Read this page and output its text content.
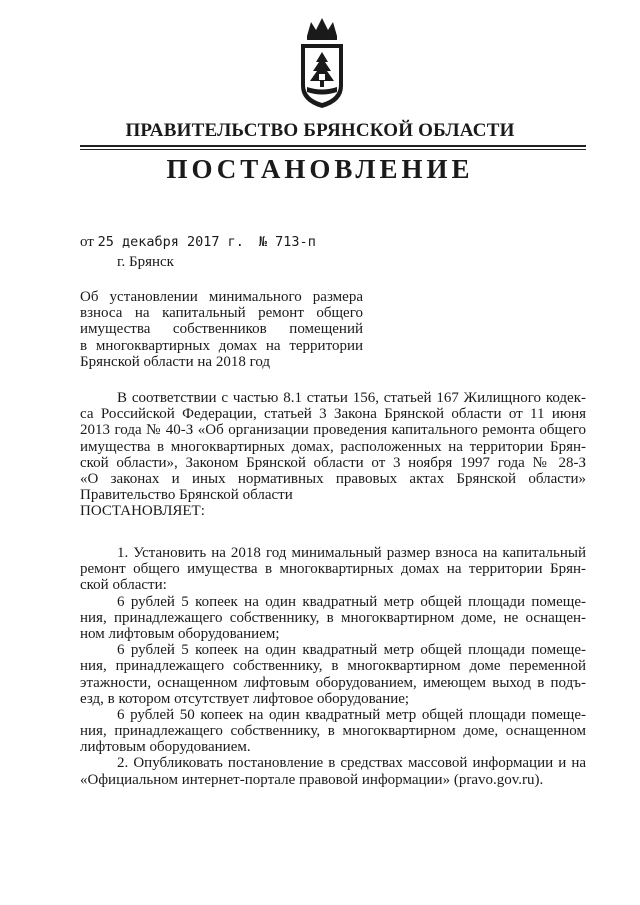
ПРАВИТЕЛЬСТВО БРЯНСКОЙ ОБЛАСТИ
ПОСТАНОВЛЕНИЕ
от 25 декабря 2017 г. № 713-п
г. Брянск
Об установлении минимального размера
взноса на капитальный ремонт общего
имущества собственников помещений
в многоквартирных домах на территории
Брянской области на 2018 год
В соответствии с частью 8.1 статьи 156, статьей 167 Жилищного кодек-
са Российской Федерации, статьей 3 Закона Брянской области от 11 июня
2013 года № 40-З «Об организации проведения капитального ремонта общего
имущества в многоквартирных домах, расположенных на территории Брян-
ской области», Законом Брянской области от 3 ноября 1997 года № 28-З
«О законах и иных нормативных правовых актах Брянской области»
Правительство Брянской области
ПОСТАНОВЛЯЕТ:
1. Установить на 2018 год минимальный размер взноса на капитальный
ремонт общего имущества в многоквартирных домах на территории Брян-
ской области:
6 рублей 5 копеек на один квадратный метр общей площади помеще-
ния, принадлежащего собственнику, в многоквартирном доме, не оснащен-
ном лифтовым оборудованием;
6 рублей 5 копеек на один квадратный метр общей площади помеще-
ния, принадлежащего собственнику, в многоквартирном доме переменной
этажности, оснащенном лифтовым оборудованием, имеющем выход в подъ-
езд, в котором отсутствует лифтовое оборудование;
6 рублей 50 копеек на один квадратный метр общей площади помеще-
ния, принадлежащего собственнику, в многоквартирном доме, оснащенном
лифтовым оборудованием.
2. Опубликовать постановление в средствах массовой информации и на
«Официальном интернет-портале правовой информации» (pravo.gov.ru).
